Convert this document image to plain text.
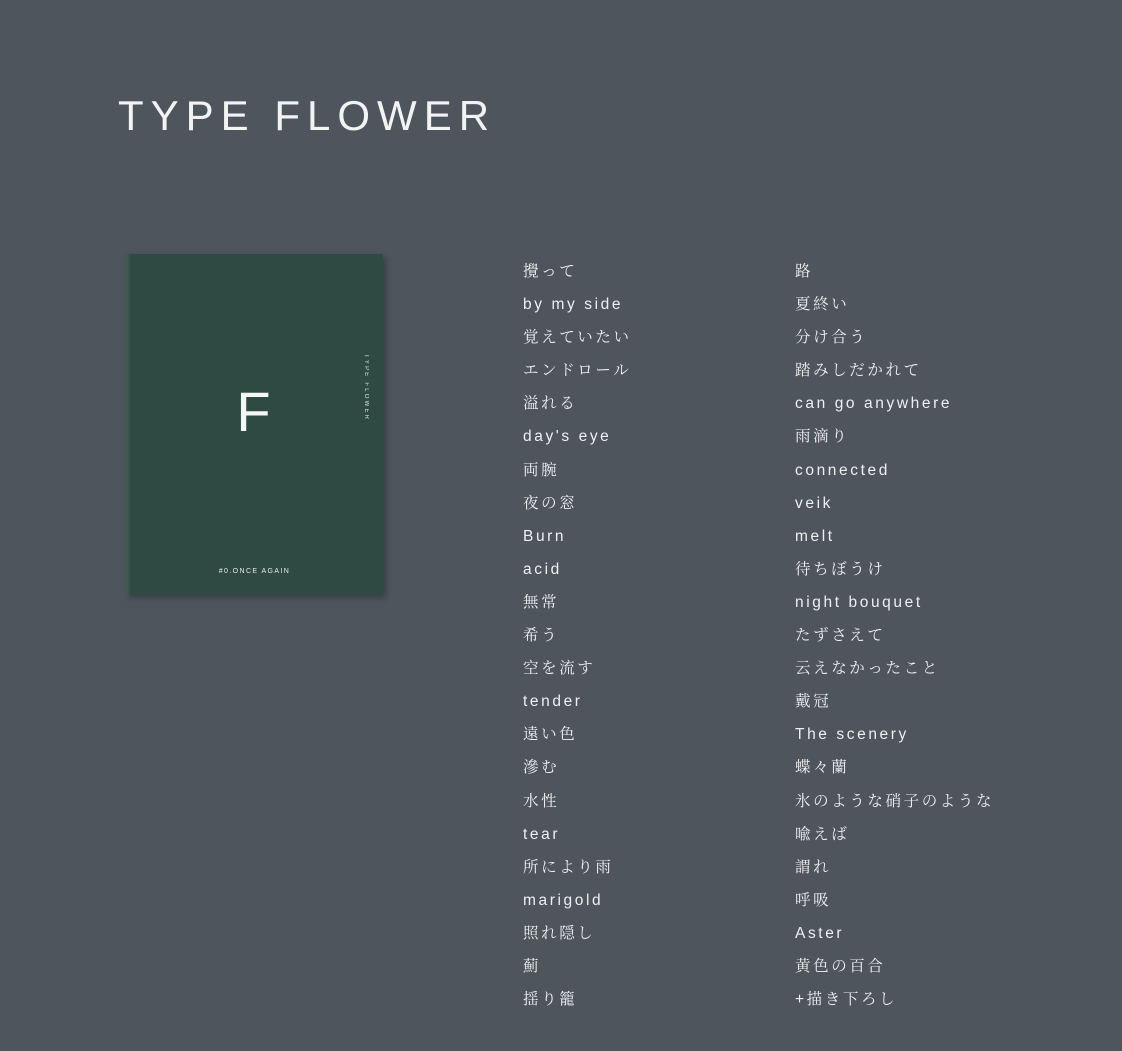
TYPE FLOWER
F	TYPE FLOWER
#0.ONCE AGAIN
攪って
by my side
覚えていたい
エンドロール
溢れる
day's eye
両腕
夜の窓
Burn
acid
無常
希う
空を流す
tender
遠い色
滲む
水性
tear
所により雨
marigold
照れ隠し
薊
揺り籠
路
夏終い
分け合う
踏みしだかれて
can go anywhere
雨滴り
connected
veik
melt
待ちぼうけ
night bouquet
たずさえて
云えなかったこと
戴冠
The scenery
蝶々蘭
氷のような硝子のような
喩えば
謂れ
呼吸
Aster
黄色の百合
+描き下ろし
